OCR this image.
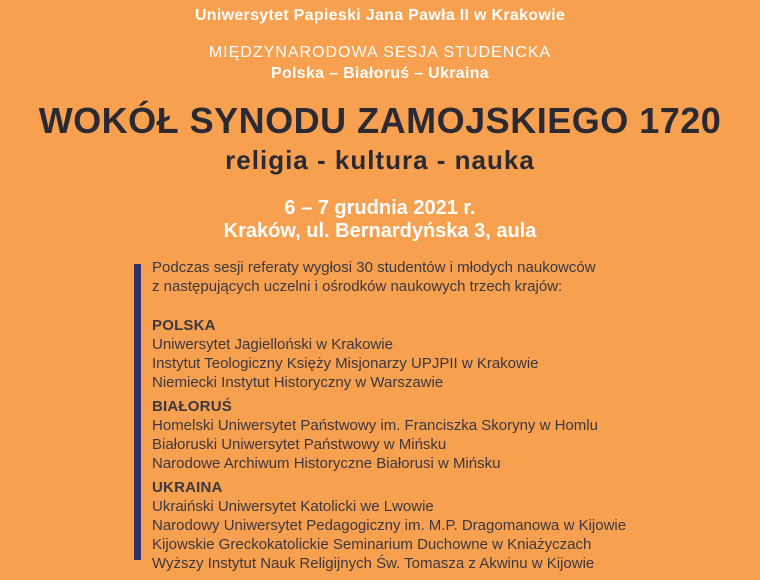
Uniwersytet Papieski Jana Pawła II w Krakowie
MIĘDZYNARODOWA SESJA STUDENCKA
Polska – Białoruś – Ukraina
WOKÓŁ SYNODU ZAMOJSKIEGO 1720
religia - kultura - nauka
6 – 7 grudnia 2021 r.
Kraków, ul. Bernardyńska 3, aula
Podczas sesji referaty wygłosi 30 studentów i młodych naukowców
z następujących uczelni i ośrodków naukowych trzech krajów:
POLSKA
Uniwersytet Jagielloński w Krakowie
Instytut Teologiczny Księży Misjonarzy UPJPII w Krakowie
Niemiecki Instytut Historyczny w Warszawie
BIAŁORUŚ
Homelski Uniwersytet Państwowy im. Franciszka Skoryny w Homlu
Białoruski Uniwersytet Państwowy w Mińsku
Narodowe Archiwum Historyczne Białorusi w Mińsku
UKRAINA
Ukraiński Uniwersytet Katolicki we Lwowie
Narodowy Uniwersytet Pedagogiczny im. M.P. Dragomanowa w Kijowie
Kijowskie Greckokatolickie Seminarium Duchowne w Kniażyczach
Wyższy Instytut Nauk Religijnych Św. Tomasza z Akwinu w Kijowie
